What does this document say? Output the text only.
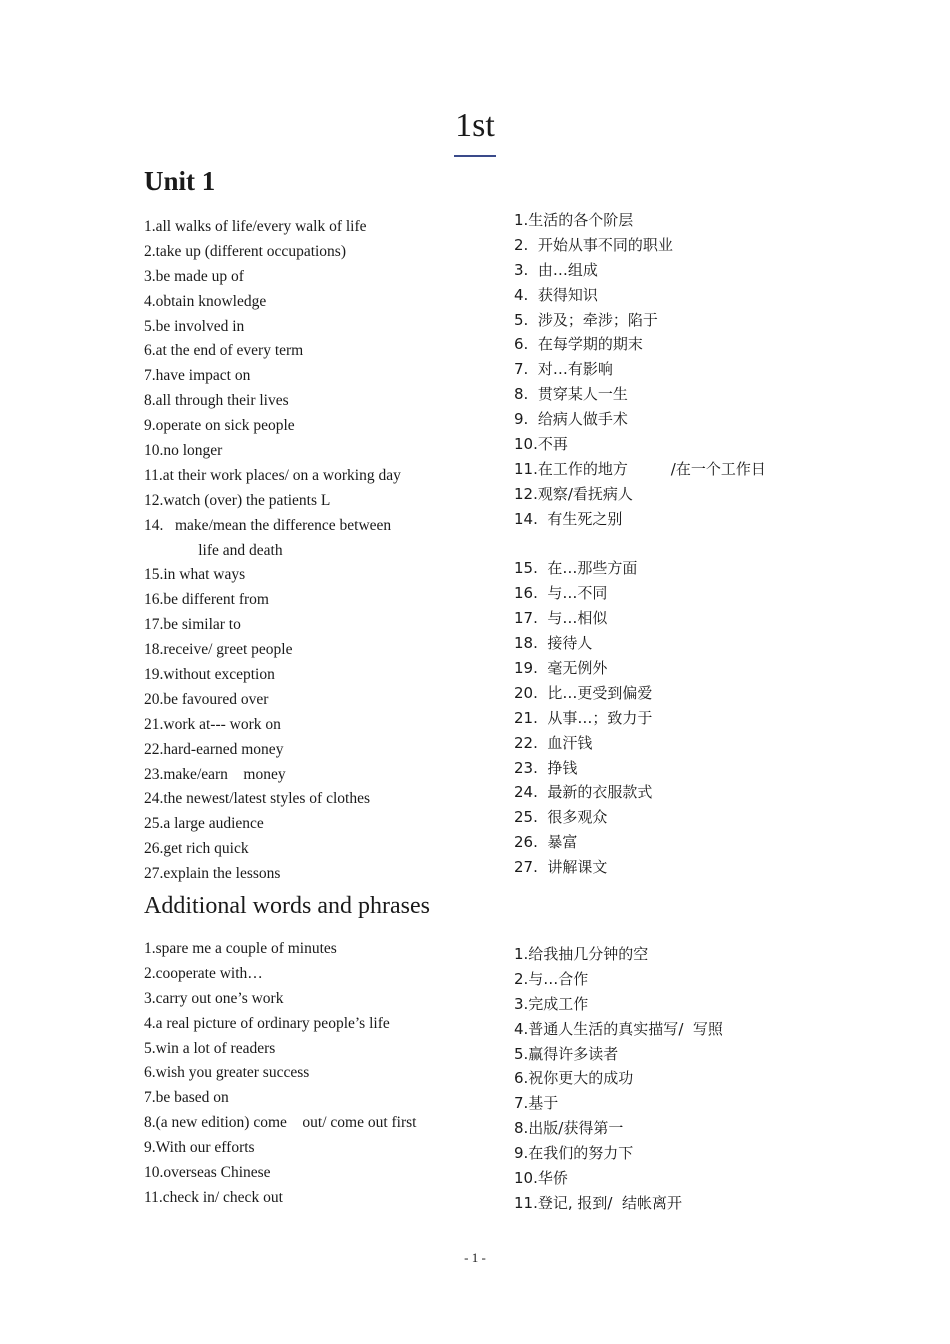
1st
Unit 1
1.all walks of life/every walk of life
2.take up (different occupations)
3.be made up of
4.obtain knowledge
5.be involved in
6.at the end of every term
7.have impact on
8.all through their lives
9.operate on sick people
10.no longer
11.at their work places/ on a working day
12.watch (over) the patients L
14.   make/mean the difference between
life and death
15.in what ways
16.be different from
17.be similar to
18.receive/ greet people
19.without exception
20.be favoured over
21.work at--- work on
22.hard-earned money
23.make/earn    money
24.the newest/latest styles of clothes
25.a large audience
26.get rich quick
27.explain the lessons
1.生活的各个阶层
2.  开始从事不同的职业
3.  由…组成
4.  获得知识
5.  涉及；牵涉；陷于
6.  在每学期的期末
7.  对…有影响
8.  贯穿某人一生
9.  给病人做手术
10.不再
11.在工作的地方         /在一个工作日
12.观察/看抚病人
14.  有生死之别
15.  在…那些方面
16.  与…不同
17.  与…相似
18.  接待人
19.  毫无例外
20.  比…更受到偏爱
21.  从事…；致力于
22.  血汗钱
23.  挣钱
24.  最新的衣服款式
25.  很多观众
26.  暴富
27.  讲解课文
Additional words and phrases
1.spare me a couple of minutes
2.cooperate with…
3.carry out one’s work
4.a real picture of ordinary people’s life
5.win a lot of readers
6.wish you greater success
7.be based on
8.(a new edition) come    out/ come out first
9.With our efforts
10.overseas Chinese
11.check in/ check out
1.给我抽几分钟的空
2.与…合作
3.完成工作
4.普通人生活的真实描写/  写照
5.赢得许多读者
6.祝你更大的成功
7.基于
8.出版/获得第一
9.在我们的努力下
10.华侨
11.登记, 报到/  结帐离开
- 1 -
